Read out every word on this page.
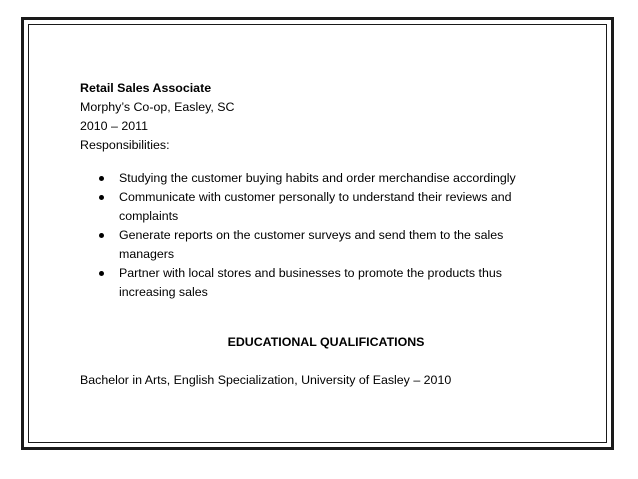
Retail Sales Associate
Morphy’s Co-op, Easley, SC
2010 – 2011
Responsibilities:
Studying the customer buying habits and order merchandise accordingly
Communicate with customer personally to understand their reviews and complaints
Generate reports on the customer surveys and send them to the sales managers
Partner with local stores and businesses to promote the products thus increasing sales
EDUCATIONAL QUALIFICATIONS
Bachelor in Arts, English Specialization, University of Easley – 2010
